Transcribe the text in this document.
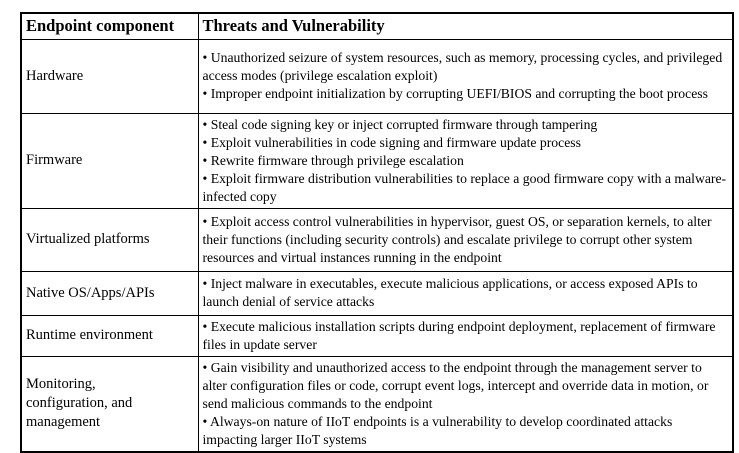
Endpoint component	Threats and Vulnerability
Hardware	• Unauthorized seizure of system resources, such as memory, processing cycles, and privileged access modes (privilege escalation exploit)
• Improper endpoint initialization by corrupting UEFI/BIOS and corrupting the boot process

Firmware	• Steal code signing key or inject corrupted firmware through tampering
• Exploit vulnerabilities in code signing and firmware update process
• Rewrite firmware through privilege escalation
• Exploit firmware distribution vulnerabilities to replace a good firmware copy with a malware-infected copy

Virtualized platforms	• Exploit access control vulnerabilities in hypervisor, guest OS, or separation kernels, to alter their functions (including security controls) and escalate privilege to corrupt other system resources and virtual instances running in the endpoint

Native OS/Apps/APIs	• Inject malware in executables, execute malicious applications, or access exposed APIs to launch denial of service attacks

Runtime environment	• Execute malicious installation scripts during endpoint deployment, replacement of firmware files in update server

Monitoring, configuration, and management	• Gain visibility and unauthorized access to the endpoint through the management server to alter configuration files or code, corrupt event logs, intercept and override data in motion, or send malicious commands to the endpoint
• Always-on nature of IIoT endpoints is a vulnerability to develop coordinated attacks impacting larger IIoT systems
